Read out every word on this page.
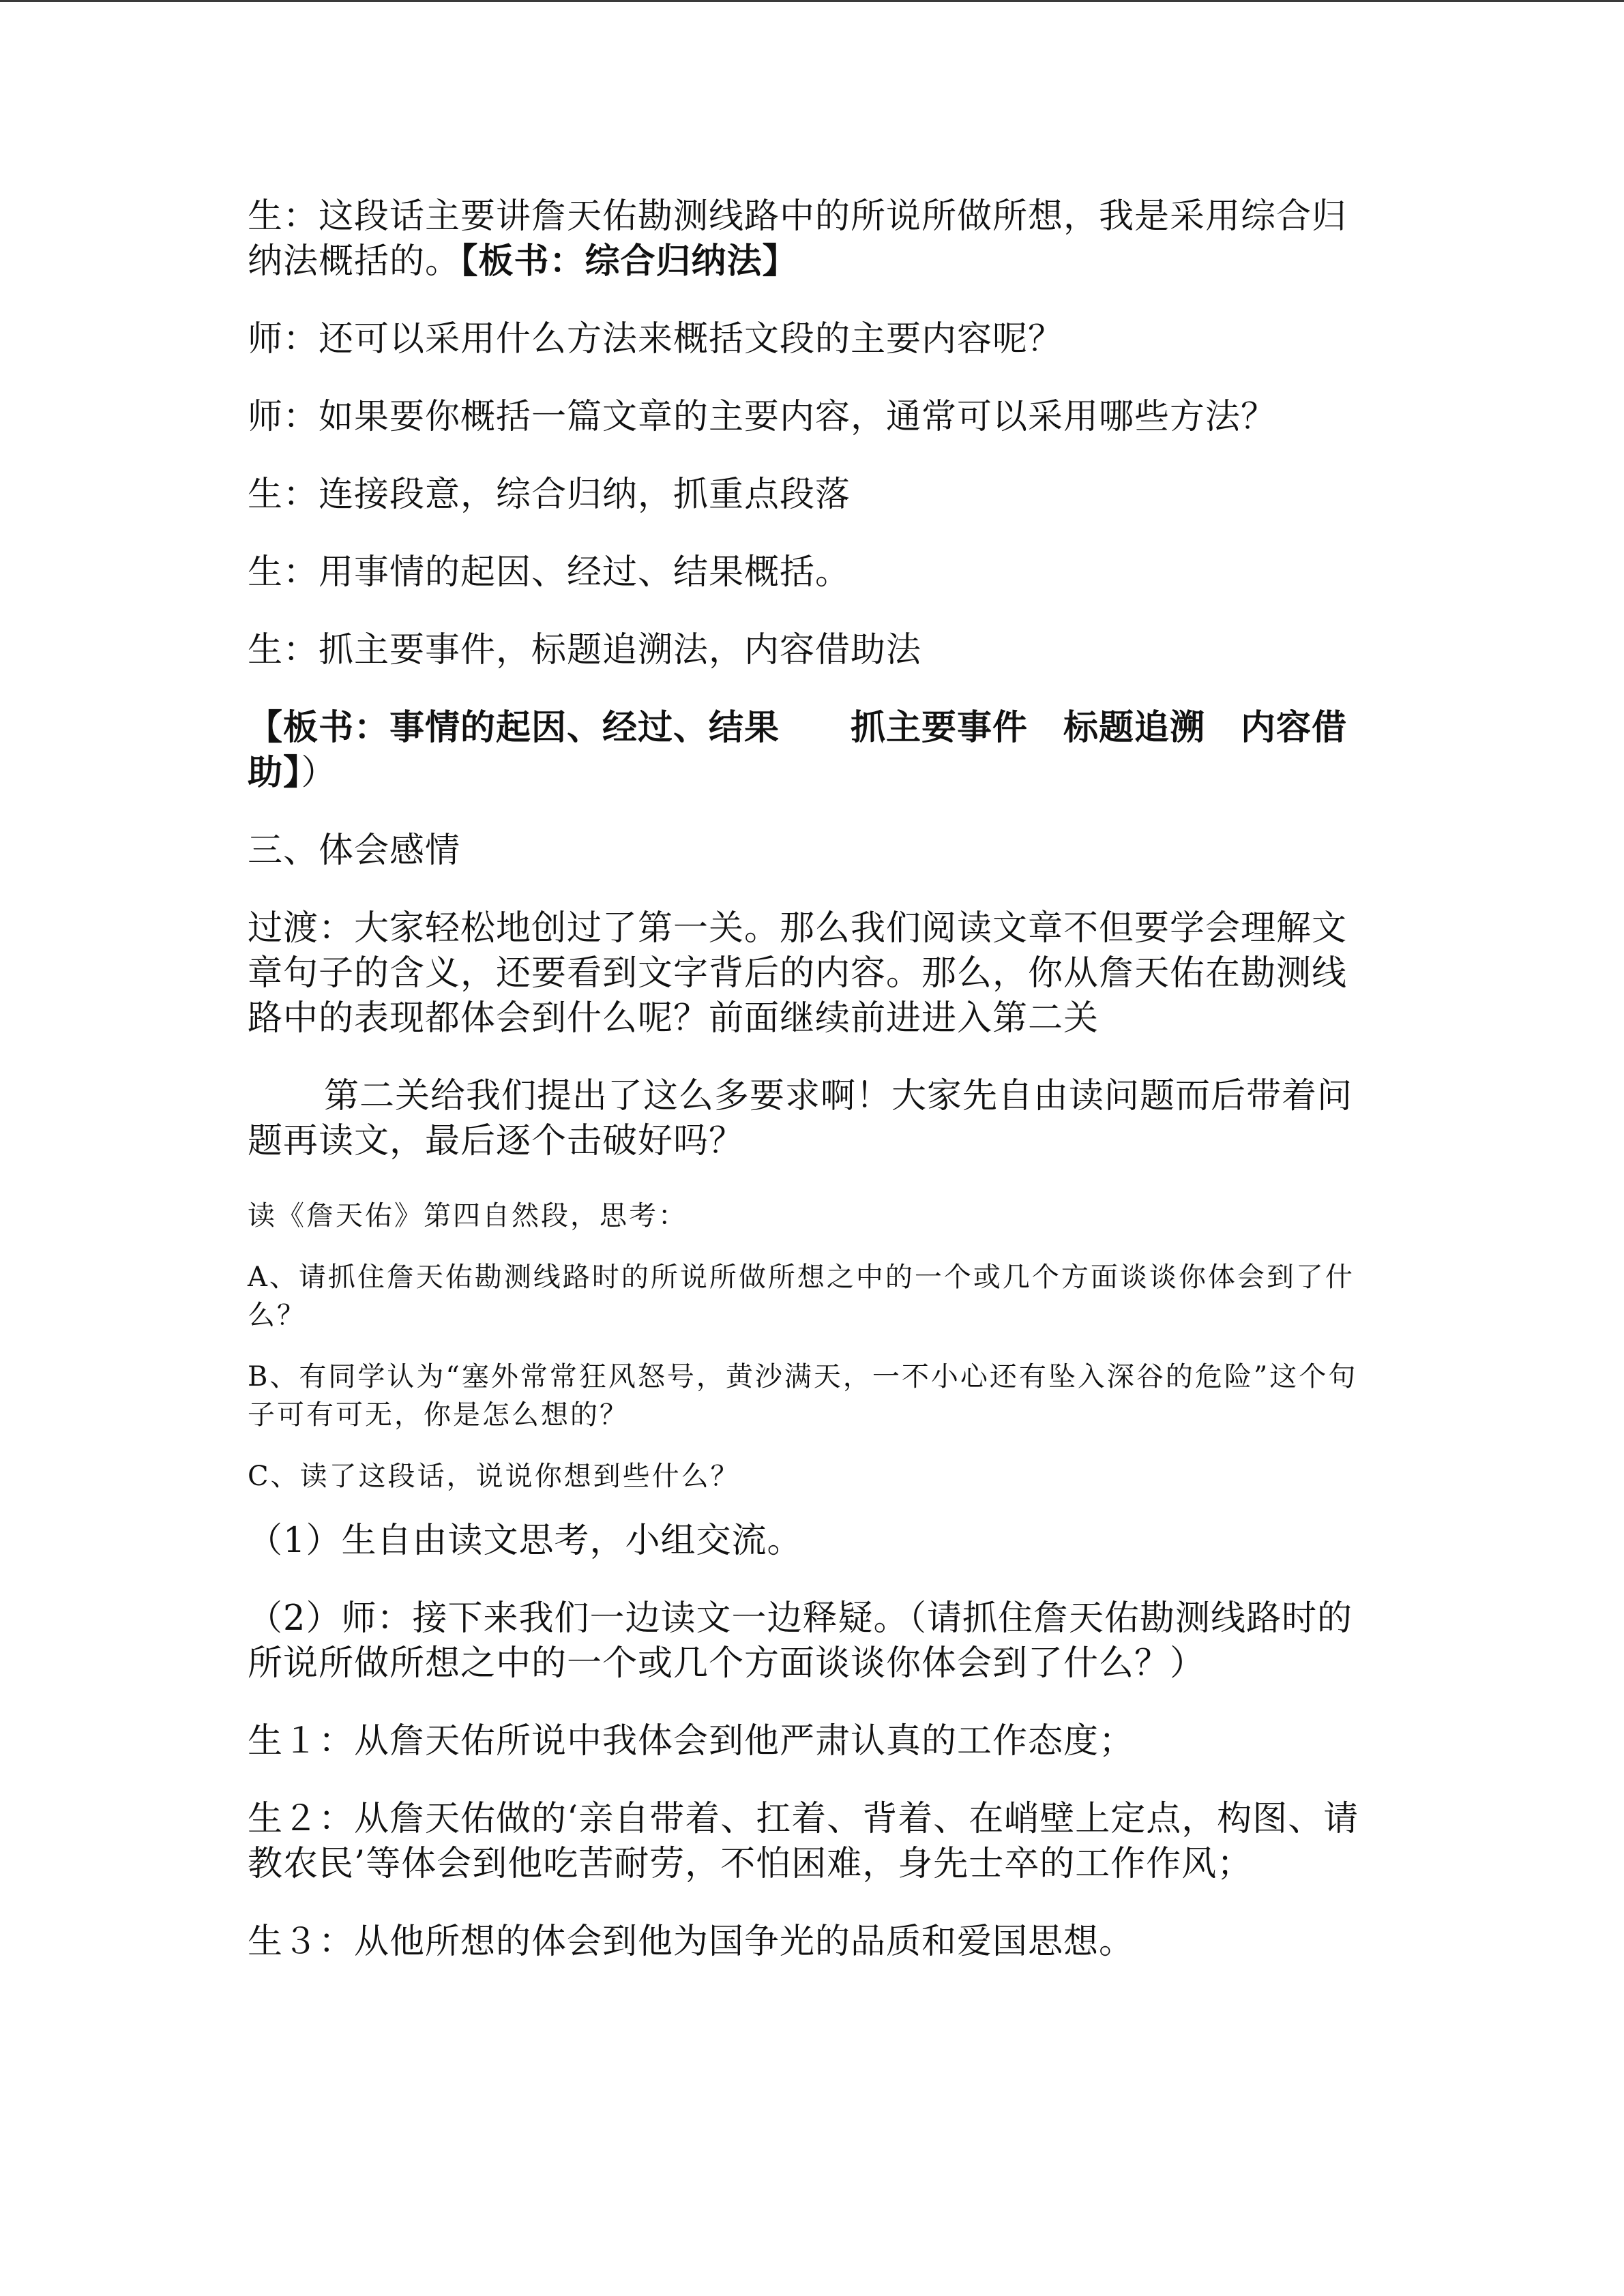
生：这段话主要讲詹天佑勘测线路中的所说所做所想，我是采用综合归纳法概括的。【板书：综合归纳法】

师：还可以采用什么方法来概括文段的主要内容呢？

师：如果要你概括一篇文章的主要内容，通常可以采用哪些方法？

生：连接段意，综合归纳，抓重点段落

生：用事情的起因、经过、结果概括。

生：抓主要事件，标题追溯法，内容借助法

【板书：事情的起因、经过、结果　　抓主要事件　标题追溯　内容借助】）

三、体会感情

过渡：大家轻松地创过了第一关。那么我们阅读文章不但要学会理解文章句子的含义，还要看到文字背后的内容。那么，你从詹天佑在勘测线路中的表现都体会到什么呢？前面继续前进进入第二关

第二关给我们提出了这么多要求啊！大家先自由读问题而后带着问题再读文，最后逐个击破好吗？

读《詹天佑》第四自然段，思考：

A、请抓住詹天佑勘测线路时的所说所做所想之中的一个或几个方面谈谈你体会到了什么？

B、有同学认为“塞外常常狂风怒号，黄沙满天，一不小心还有坠入深谷的危险”这个句子可有可无，你是怎么想的？

C、读了这段话，说说你想到些什么？

（1）生自由读文思考，小组交流。

（2）师：接下来我们一边读文一边释疑。（请抓住詹天佑勘测线路时的所说所做所想之中的一个或几个方面谈谈你体会到了什么？）

生１：从詹天佑所说中我体会到他严肃认真的工作态度；

生２：从詹天佑做的‘亲自带着、扛着、背着、在峭壁上定点，构图、请教农民’等体会到他吃苦耐劳，不怕困难，身先士卒的工作作风；

生３：从他所想的体会到他为国争光的品质和爱国思想。
